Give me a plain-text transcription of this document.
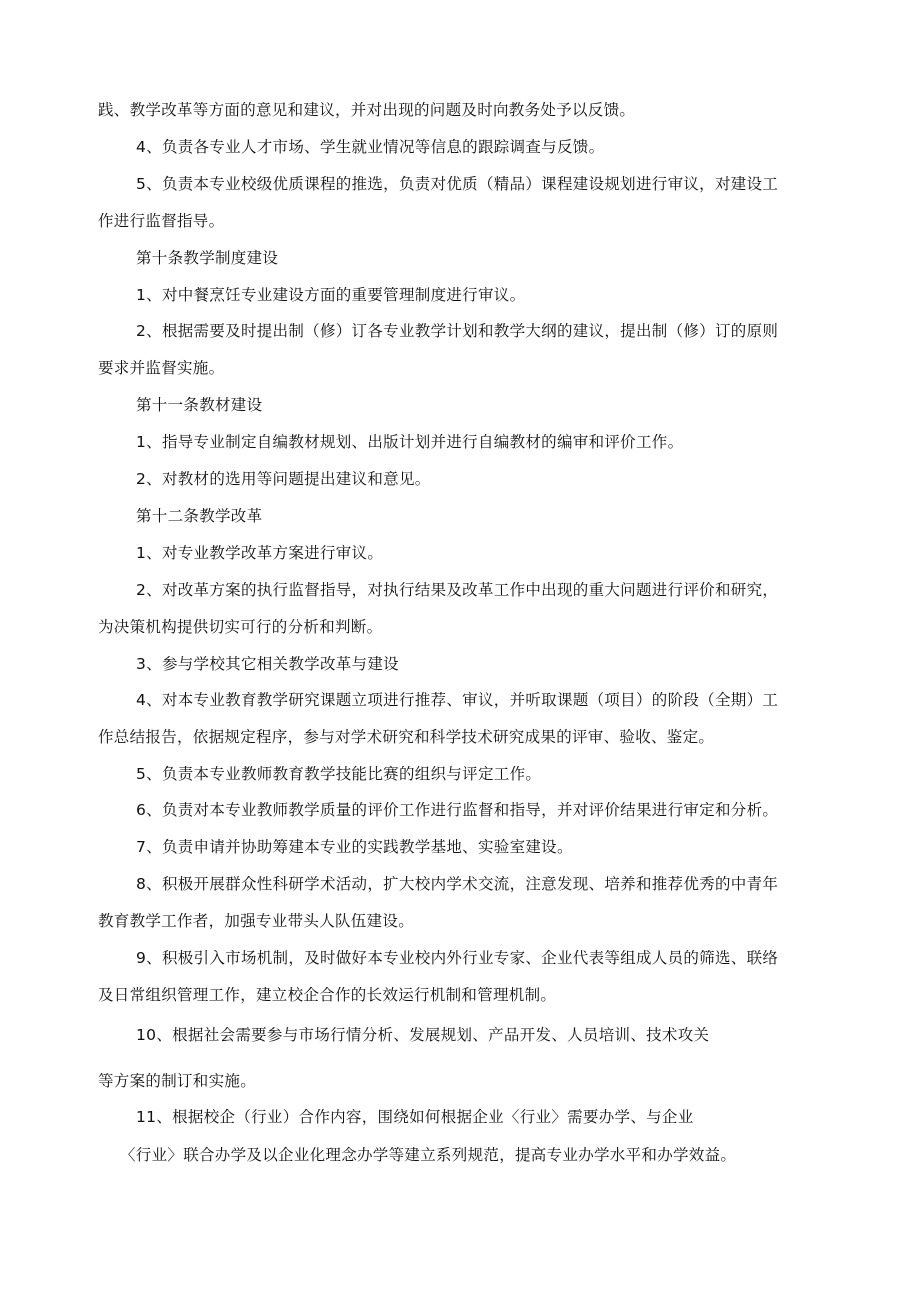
践、教学改革等方面的意见和建议，并对出现的问题及时向教务处予以反馈。
4、负责各专业人才市场、学生就业情况等信息的跟踪调查与反馈。
5、负责本专业校级优质课程的推选，负责对优质（精品）课程建设规划进行审议，对建设工
作进行监督指导。
第十条教学制度建设
1、对中餐烹饪专业建设方面的重要管理制度进行审议。
2、根据需要及时提出制（修）订各专业教学计划和教学大纲的建议，提出制（修）订的原则
要求并监督实施。
第十一条教材建设
1、指导专业制定自编教材规划、出版计划并进行自编教材的编审和评价工作。
2、对教材的选用等问题提出建议和意见。
第十二条教学改革
1、对专业教学改革方案进行审议。
2、对改革方案的执行监督指导，对执行结果及改革工作中出现的重大问题进行评价和研究，
为决策机构提供切实可行的分析和判断。
3、参与学校其它相关教学改革与建设
4、对本专业教育教学研究课题立项进行推荐、审议，并听取课题（项目）的阶段（全期）工
作总结报告，依据规定程序，参与对学术研究和科学技术研究成果的评审、验收、鉴定。
5、负责本专业教师教育教学技能比赛的组织与评定工作。
6、负责对本专业教师教学质量的评价工作进行监督和指导，并对评价结果进行审定和分析。
7、负责申请并协助筹建本专业的实践教学基地、实验室建设。
8、积极开展群众性科研学术活动，扩大校内学术交流，注意发现、培养和推荐优秀的中青年
教育教学工作者，加强专业带头人队伍建设。
9、积极引入市场机制，及时做好本专业校内外行业专家、企业代表等组成人员的筛选、联络
及日常组织管理工作，建立校企合作的长效运行机制和管理机制。
10、根据社会需要参与市场行情分析、发展规划、产品开发、人员培训、技术攻关
等方案的制订和实施。
11、根据校企（行业）合作内容，围绕如何根据企业〈行业〉需要办学、与企业
〈行业〉联合办学及以企业化理念办学等建立系列规范，提高专业办学水平和办学效益。
